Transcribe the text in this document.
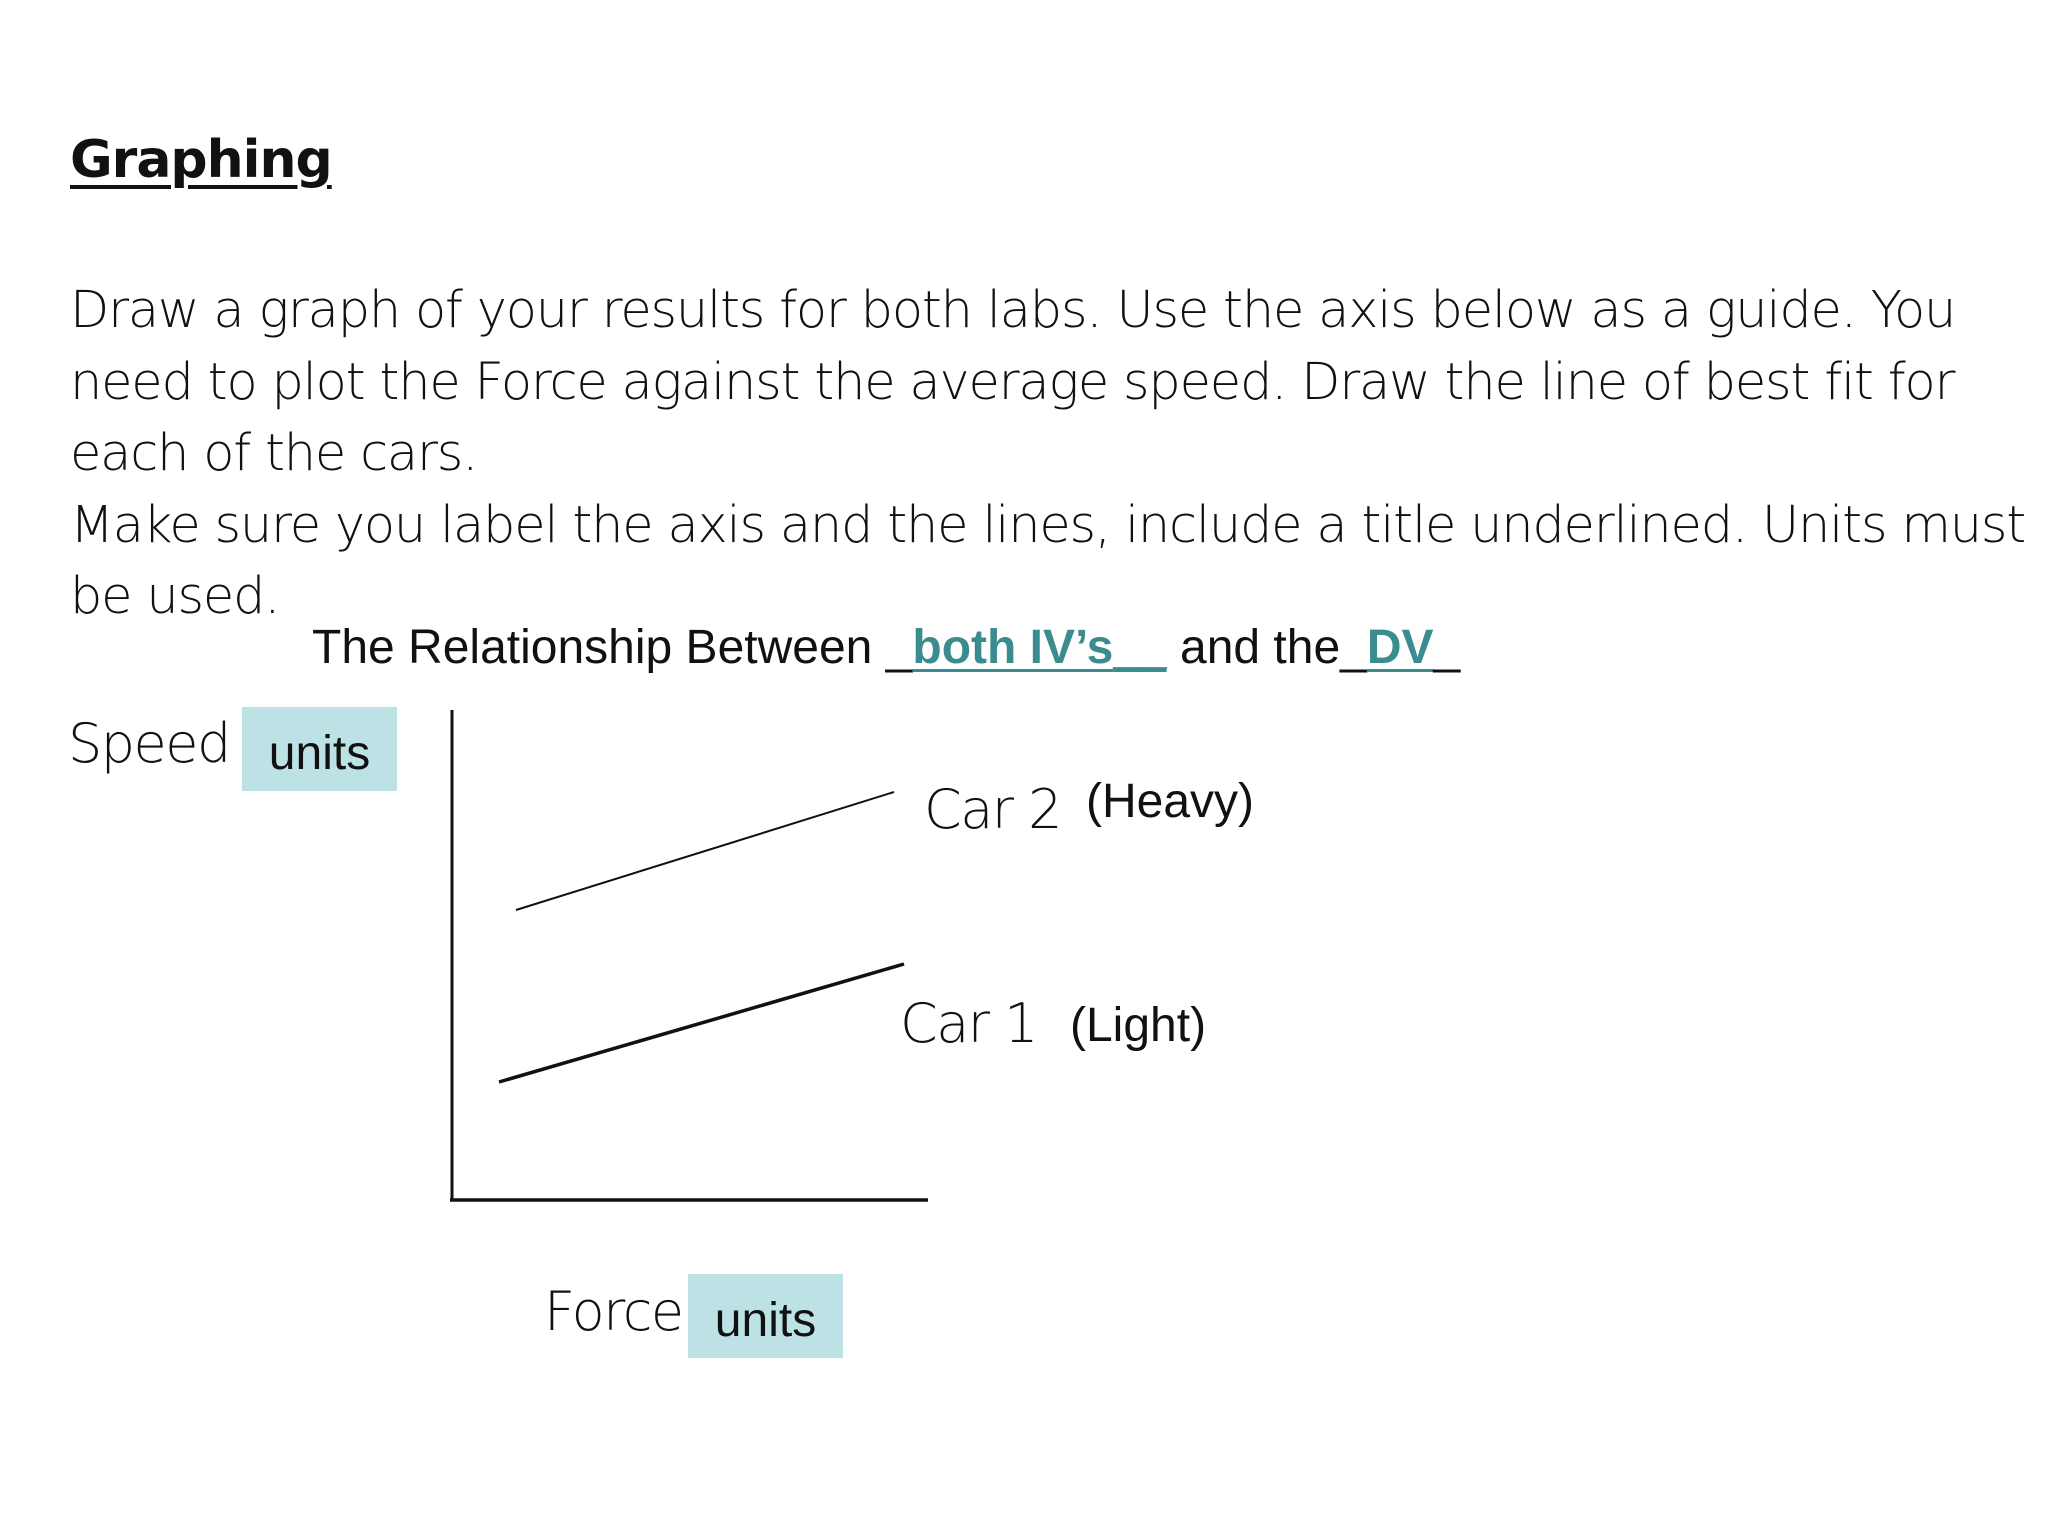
Graphing

Draw a graph of your results for both labs. Use the axis below as a guide. You need to plot the Force against the average speed. Draw the line of best fit for each of the cars.

Make sure you label the axis and the lines, include a title underlined. Units must be used.

The Relationship Between _both IV’s__ and the_DV_
Speed units
Car 2 (Heavy)
Car 1 (Light)
Force units
